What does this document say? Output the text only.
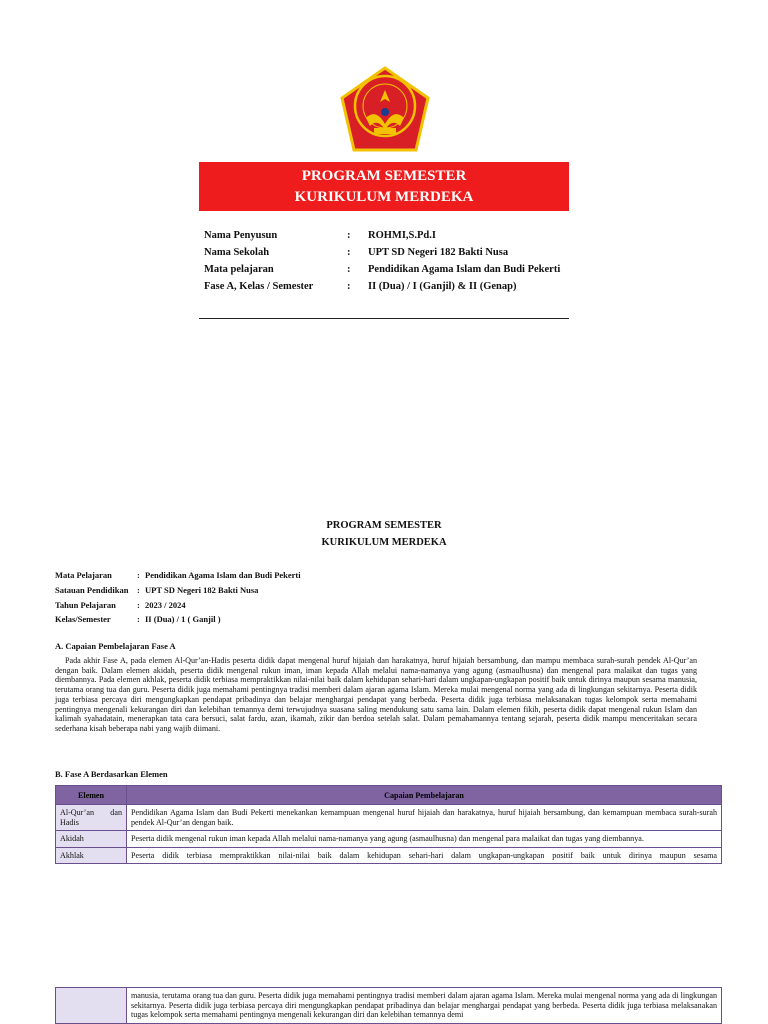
PROGRAM SEMESTER
KURIKULUM MERDEKA
Nama Penyusun	: ROHMI,S.Pd.I
Nama Sekolah	: UPT SD Negeri 182 Bakti Nusa
Mata pelajaran	: Pendidikan Agama Islam dan Budi Pekerti
Fase A, Kelas / Semester	: II (Dua) / I (Ganjil) & II (Genap)
PROGRAM SEMESTER
KURIKULUM MERDEKA
Mata Pelajaran	: Pendidikan Agama Islam dan Budi Pekerti
Sataua​n Pendidikan	: UPT SD Negeri 182 Bakti Nusa
Tahun Pelajaran	: 2023 / 2024
Kelas/Semester	: II (Dua) / 1 ( Ganjil )
A. Capaian Pembelajaran Fase A

Pada akhir Fase A, pada elemen Al-Qur’an-Hadis peserta didik dapat mengenal huruf hijaiah dan harakatnya, huruf hijaiah bersambung, dan mampu membaca surah-surah pendek Al-Qur’an dengan baik. Dalam elemen akidah, peserta didik mengenal rukun iman, iman kepada Allah melalui nama-namanya yang agung (asmaulhusna) dan mengenal para malaikat dan tugas yang diembannya. Pada elemen akhlak, peserta didik terbiasa mempraktikkan nilai-nilai baik dalam kehidupan sehari-hari dalam ungkapan-ungkapan positif baik untuk dirinya maupun sesama manusia, terutama orang tua dan guru. Peserta didik juga memahami pentingnya tradisi memberi dalam ajaran agama Islam. Mereka mulai mengenal norma yang ada di lingkungan sekitarnya. Peserta didik juga terbiasa percaya diri mengungkapkan pendapat pribadinya dan belajar menghargai pendapat yang berbeda. Peserta didik juga terbiasa melaksanakan tugas kelompok serta memahami pentingnya mengenali kekurangan diri dan kelebihan temannya demi terwujudnya suasana saling mendukung satu sama lain. Dalam elemen fikih, peserta didik dapat mengenal rukun Islam dan kalimah syahadatain, menerapkan tata cara bersuci, salat fardu, azan, ikamah, zikir dan berdoa setelah salat. Dalam pemahamannya tentang sejarah, peserta didik mampu menceritakan secara sederhana kisah beberapa nabi yang wajib diimani.

B. Fase A Berdasarkan Elemen
Elemen	Capaian Pembelajaran
Al-Qur’an dan Hadis	Pendidikan Agama Islam dan Budi Pekerti menekankan kemampuan mengenal huruf hijaiah dan harakatnya, huruf hijaiah bersambung, dan kemampuan membaca surah-surah pendek Al-Qur’an dengan baik.
Akidah	Peserta didik mengenal rukun iman kepada Allah melalui nama-namanya yang agung (asmaulhusna) dan mengenal para malaikat dan tugas yang diembannya.
Akhlak	Peserta didik terbiasa mempraktikkan nilai-nilai baik dalam kehidupan sehari-hari dalam ungkapan-ungkapan positif baik untuk dirinya maupun sesama
	manusia, terutama orang tua dan guru. Peserta didik juga memahami pentingnya tradisi memberi dalam ajaran agama Islam. Mereka mulai mengenal norma yang ada di lingkungan sekitarnya. Peserta didik juga terbiasa percaya diri mengungkapkan pendapat pribadinya dan belajar menghargai pendapat yang berbeda. Peserta didik juga terbiasa melaksanakan tugas kelompok serta memahami pentingnya mengenali kekurangan diri dan kelebihan temannya demi
